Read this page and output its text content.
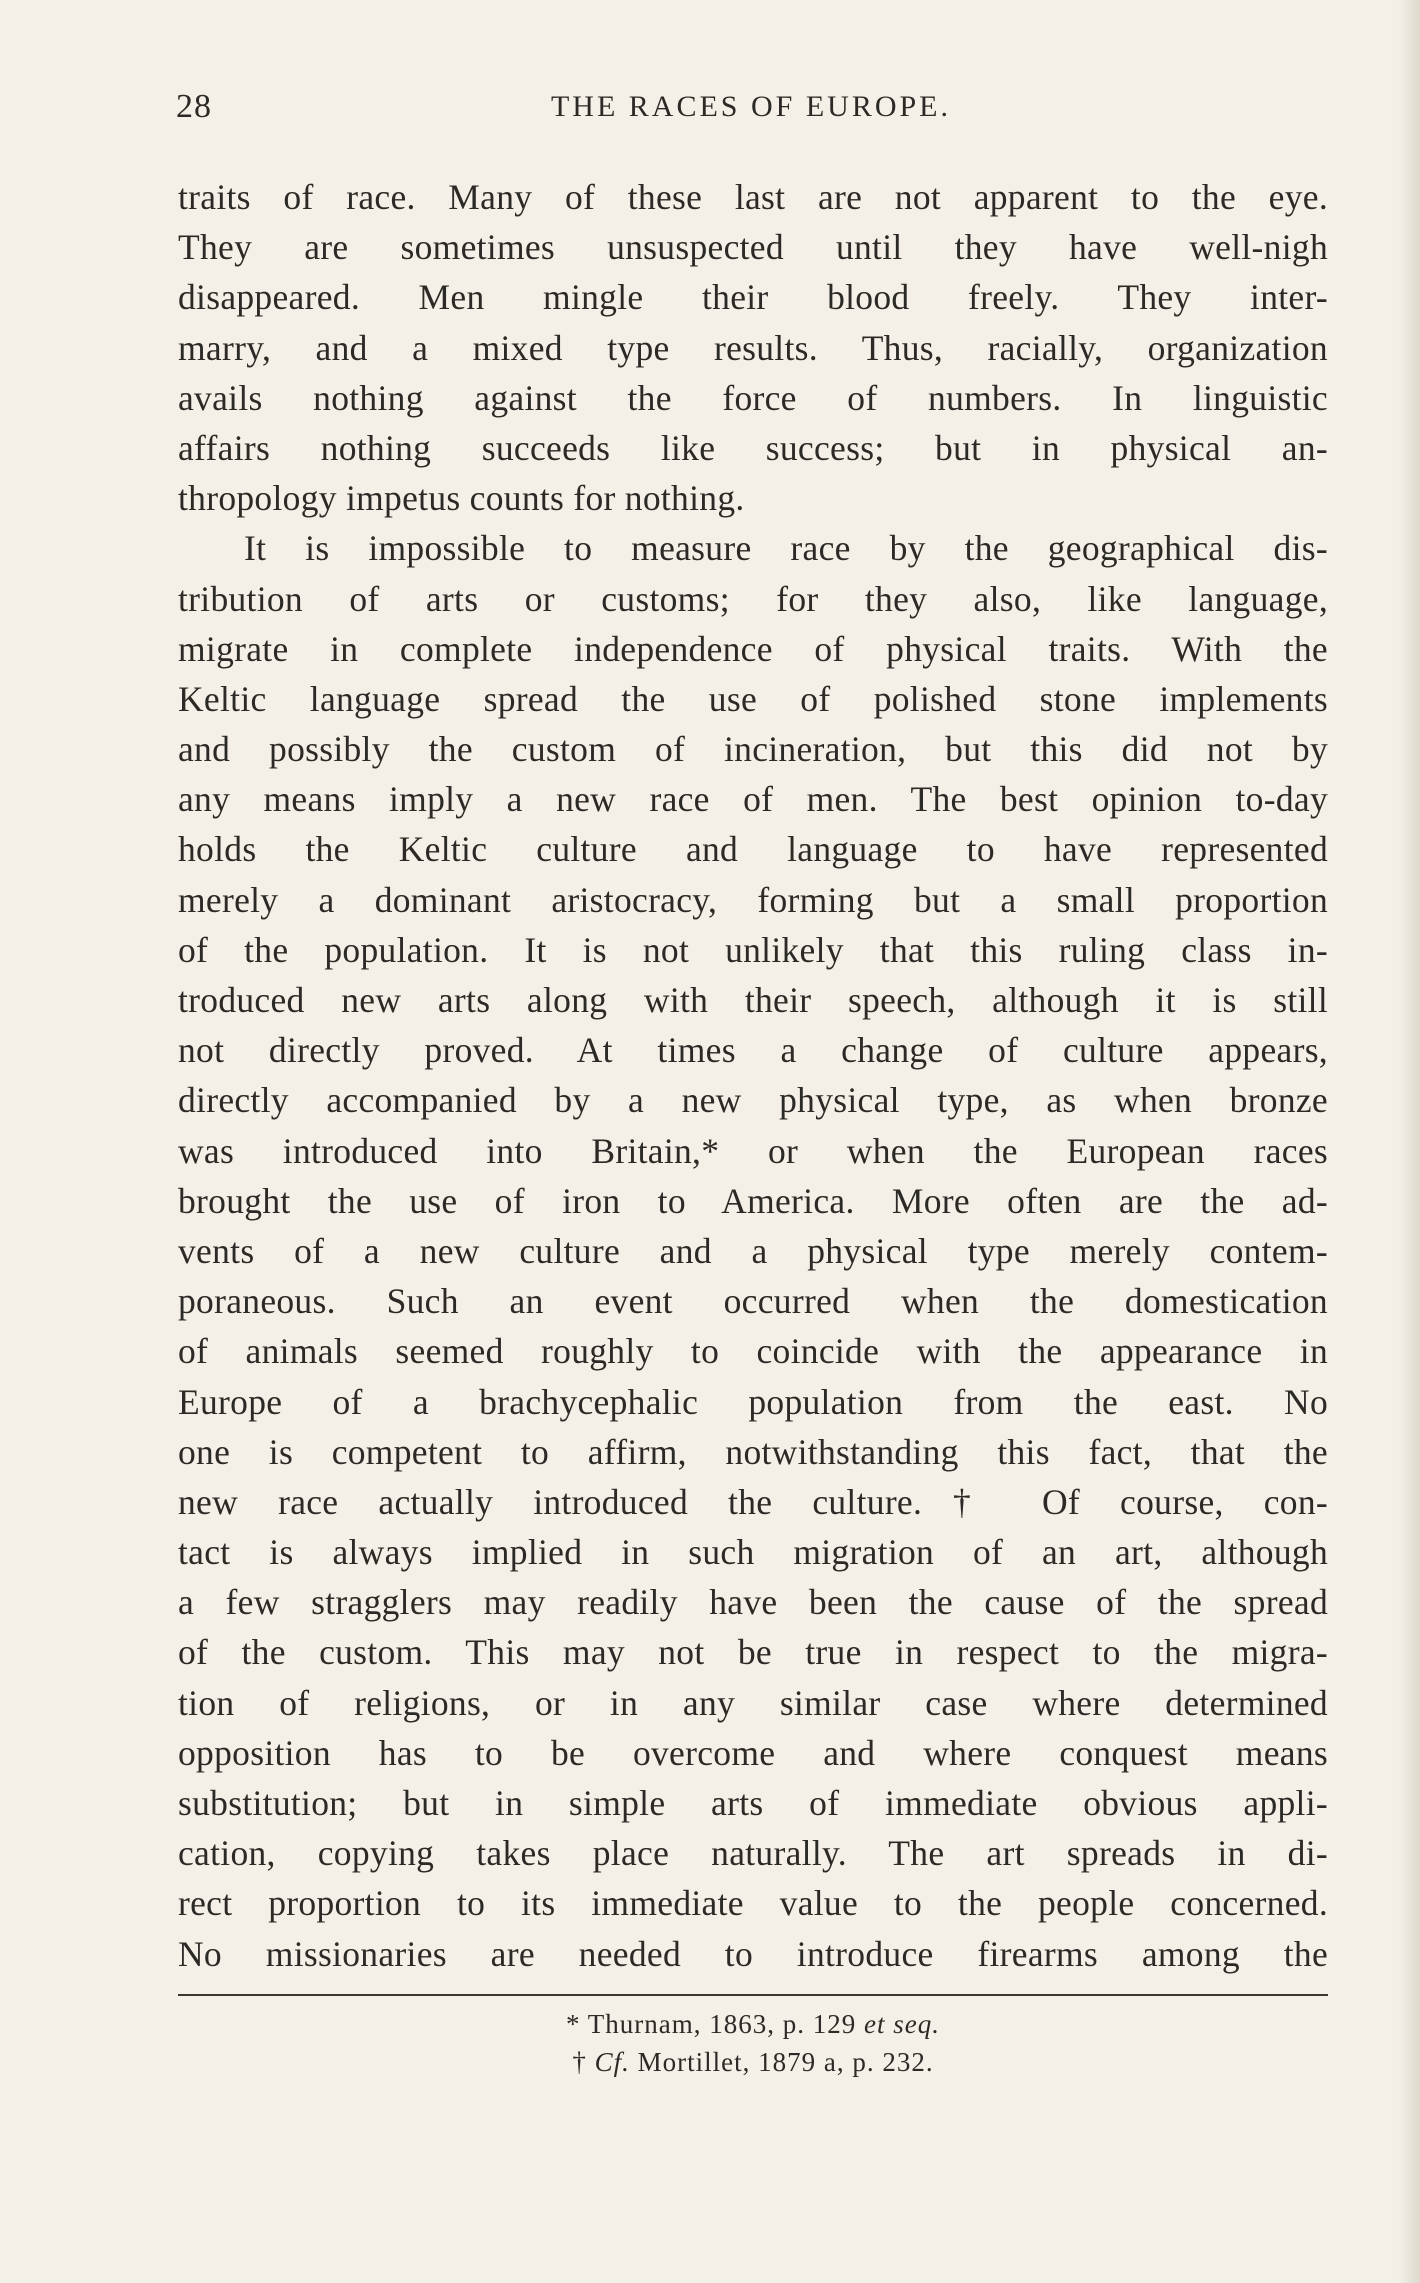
28	THE RACES OF EUROPE.
traits of race. Many of these last are not apparent to the eye.
They are sometimes unsuspected until they have well-nigh
disappeared. Men mingle their blood freely. They inter-
marry, and a mixed type results. Thus, racially, organization
avails nothing against the force of numbers. In linguistic
affairs nothing succeeds like success; but in physical an-
thropology impetus counts for nothing.
It is impossible to measure race by the geographical dis-
tribution of arts or customs; for they also, like language,
migrate in complete independence of physical traits. With the
Keltic language spread the use of polished stone implements
and possibly the custom of incineration, but this did not by
any means imply a new race of men. The best opinion to-day
holds the Keltic culture and language to have represented
merely a dominant aristocracy, forming but a small proportion
of the population. It is not unlikely that this ruling class in-
troduced new arts along with their speech, although it is still
not directly proved. At times a change of culture appears,
directly accompanied by a new physical type, as when bronze
was introduced into Britain,* or when the European races
brought the use of iron to America. More often are the ad-
vents of a new culture and a physical type merely contem-
poraneous. Such an event occurred when the domestication
of animals seemed roughly to coincide with the appearance in
Europe of a brachycephalic population from the east. No
one is competent to affirm, notwithstanding this fact, that the
new race actually introduced the culture.† Of course, con-
tact is always implied in such migration of an art, although
a few stragglers may readily have been the cause of the spread
of the custom. This may not be true in respect to the migra-
tion of religions, or in any similar case where determined
opposition has to be overcome and where conquest means
substitution; but in simple arts of immediate obvious appli-
cation, copying takes place naturally. The art spreads in di-
rect proportion to its immediate value to the people concerned.
No missionaries are needed to introduce firearms among the
* Thurnam, 1863, p. 129 et seq.
† Cf. Mortillet, 1879 a, p. 232.
